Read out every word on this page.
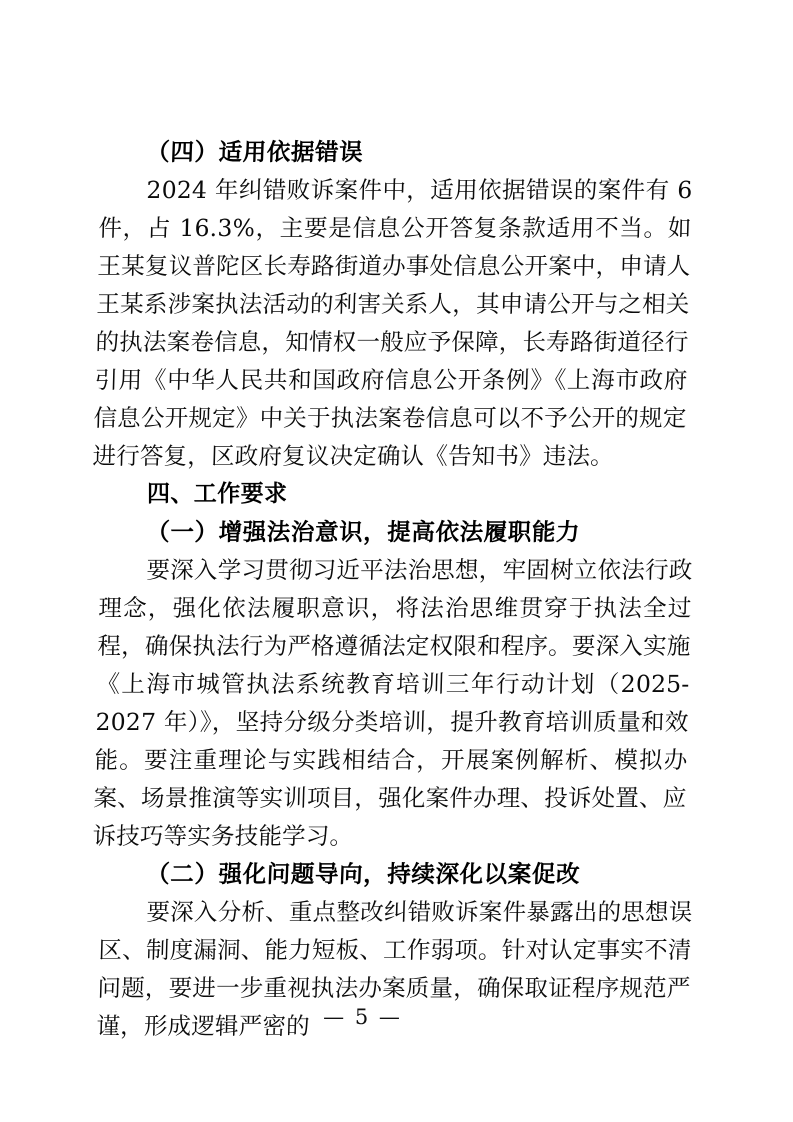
（四）适用依据错误

2024 年纠错败诉案件中，适用依据错误的案件有 6 件，占 16.3%，主要是信息公开答复条款适用不当。如王某复议普陀区长寿路街道办事处信息公开案中，申请人王某系涉案执法活动的利害关系人，其申请公开与之相关的执法案卷信息，知情权一般应予保障，长寿路街道径行引用《中华人民共和国政府信息公开条例》《上海市政府信息公开规定》中关于执法案卷信息可以不予公开的规定进行答复，区政府复议决定确认《告知书》违法。

四、工作要求

（一）增强法治意识，提高依法履职能力

要深入学习贯彻习近平法治思想，牢固树立依法行政理念，强化依法履职意识，将法治思维贯穿于执法全过程，确保执法行为严格遵循法定权限和程序。要深入实施《上海市城管执法系统教育培训三年行动计划（2025-2027 年）》，坚持分级分类培训，提升教育培训质量和效能。要注重理论与实践相结合，开展案例解析、模拟办案、场景推演等实训项目，强化案件办理、投诉处置、应诉技巧等实务技能学习。

（二）强化问题导向，持续深化以案促改

要深入分析、重点整改纠错败诉案件暴露出的思想误区、制度漏洞、能力短板、工作弱项。针对认定事实不清问题，要进一步重视执法办案质量，确保取证程序规范严谨，形成逻辑严密的 — 5 —
